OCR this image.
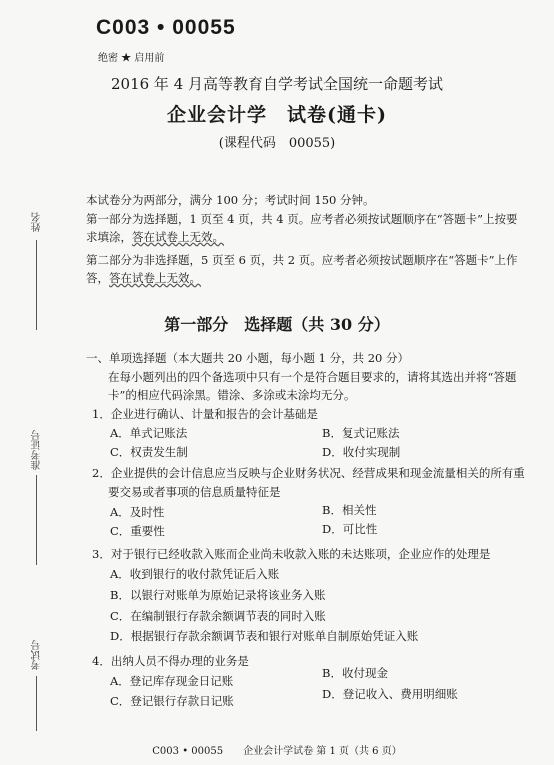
姓名
准考证号
考试号
C003 • 00055
绝密 ★ 启用前
2016 年 4 月高等教育自学考试全国统一命题考试
企业会计学　试卷(通卡)
(课程代码　00055)
本试卷分为两部分，满分 100 分；考试时间 150 分钟。
第一部分为选择题，1 页至 4 页，共 4 页。应考者必须按试题顺序在“答题卡”上按要
求填涂，答在试卷上无效。
第二部分为非选择题，5 页至 6 页，共 2 页。应考者必须按试题顺序在“答题卡”上作
答，答在试卷上无效。
第一部分　选择题（共 30 分）
一、单项选择题（本大题共 20 小题，每小题 1 分，共 20 分）
在每小题列出的四个备选项中只有一个是符合题目要求的，请将其选出并将“答题
卡”的相应代码涂黑。错涂、多涂或未涂均无分。
1．企业进行确认、计量和报告的会计基础是
A．单式记账法	B．复式记账法
C．权责发生制	D．收付实现制
2．企业提供的会计信息应当反映与企业财务状况、经营成果和现金流量相关的所有重
要交易或者事项的信息质量特征是
A．及时性	B．相关性
C．重要性	D．可比性
3．对于银行已经收款入账而企业尚未收款入账的未达账项，企业应作的处理是
A．收到银行的收付款凭证后入账
B．以银行对账单为原始记录将该业务入账
C．在编制银行存款余额调节表的同时入账
D．根据银行存款余额调节表和银行对账单自制原始凭证入账
4．出纳人员不得办理的业务是
A．登记库存现金日记账
B．收付现金
C．登记银行存款日记账	D．登记收入、费用明细账
C003 • 00055　　企业会计学试卷 第 1 页（共 6 页）
